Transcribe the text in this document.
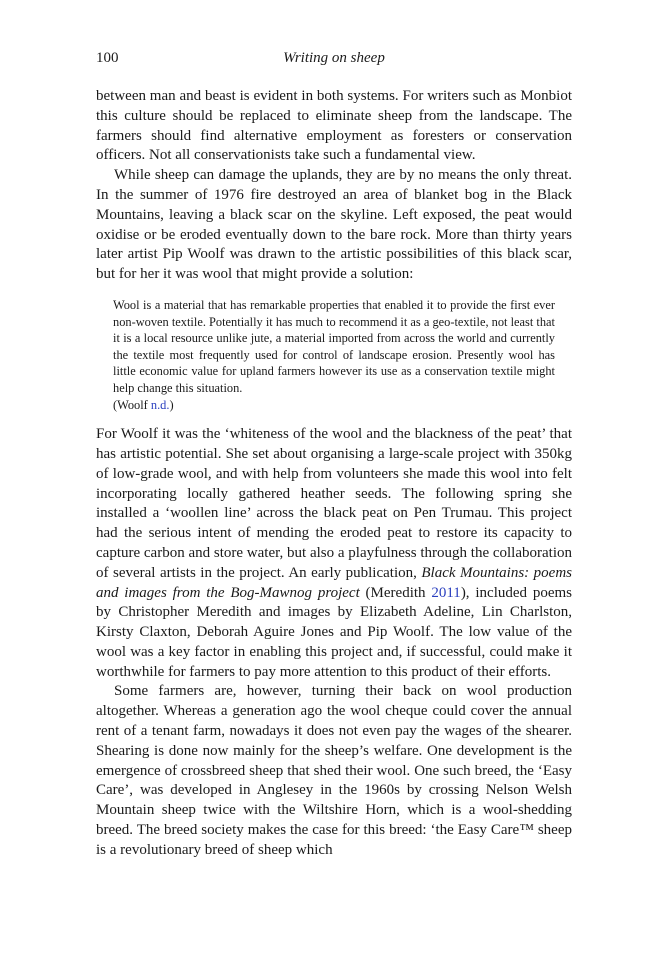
100	Writing on sheep

between man and beast is evident in both systems. For writers such as Monbiot this culture should be replaced to eliminate sheep from the landscape. The farmers should find alternative employment as foresters or conservation officers. Not all conservationists take such a fundamental view.

While sheep can damage the uplands, they are by no means the only threat. In the summer of 1976 fire destroyed an area of blanket bog in the Black Mountains, leaving a black scar on the skyline. Left exposed, the peat would oxidise or be eroded eventually down to the bare rock. More than thirty years later artist Pip Woolf was drawn to the artistic possibilities of this black scar, but for her it was wool that might provide a solution:

Wool is a material that has remarkable properties that enabled it to provide the first ever non-woven textile. Potentially it has much to recommend it as a geo-textile, not least that it is a local resource unlike jute, a material imported from across the world and currently the textile most frequently used for control of landscape erosion. Presently wool has little economic value for upland farmers however its use as a conservation textile might help change this situation.
(Woolf n.d.)

For Woolf it was the ‘whiteness of the wool and the blackness of the peat’ that has artistic potential. She set about organising a large-scale project with 350kg of low-grade wool, and with help from volunteers she made this wool into felt incorporating locally gathered heather seeds. The following spring she installed a ‘woollen line’ across the black peat on Pen Trumau. This project had the serious intent of mending the eroded peat to restore its capacity to capture carbon and store water, but also a playfulness through the collaboration of several artists in the project. An early publication, Black Mountains: poems and images from the Bog-Mawnog project (Meredith 2011), included poems by Christopher Meredith and images by Elizabeth Adeline, Lin Charlston, Kirsty Claxton, Deborah Aguire Jones and Pip Woolf. The low value of the wool was a key factor in enabling this project and, if successful, could make it worthwhile for farmers to pay more attention to this product of their efforts.

Some farmers are, however, turning their back on wool production altogether. Whereas a generation ago the wool cheque could cover the annual rent of a tenant farm, nowadays it does not even pay the wages of the shearer. Shearing is done now mainly for the sheep’s welfare. One development is the emergence of crossbreed sheep that shed their wool. One such breed, the ‘Easy Care’, was developed in Anglesey in the 1960s by crossing Nelson Welsh Mountain sheep twice with the Wiltshire Horn, which is a wool-shedding breed. The breed society makes the case for this breed: ‘the Easy Care™ sheep is a revolutionary breed of sheep which
